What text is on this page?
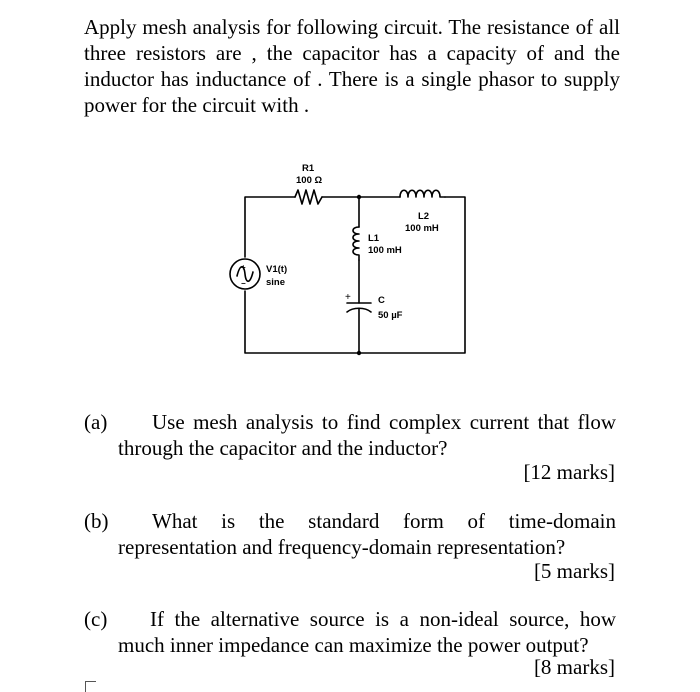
Apply mesh analysis for following circuit. The resistance of all three resistors are , the capacitor has a capacity of and the inductor has inductance of . There is a single phasor to supply power for the circuit with .
R1
100 Ω
L2
100 mH
L1
100 mH
V1(t)
sine
+
−
+	C
50 µF
(a)	Use mesh analysis to find complex current that flow through the capacitor and the inductor?
[12 marks]
(b)	What is the standard form of time-domain representation and frequency-domain representation?
[5 marks]
(c)	If the alternative source is a non-ideal source, how much inner impedance can maximize the power output?
[8 marks]
